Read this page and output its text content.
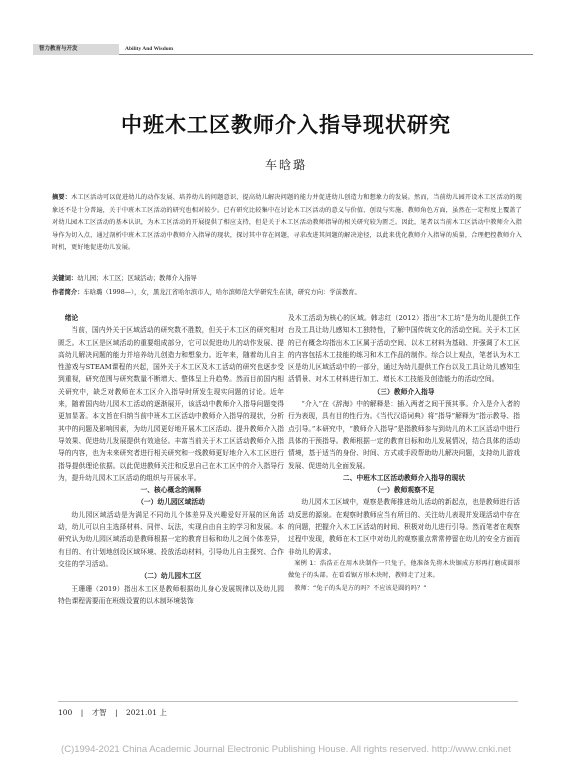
智力教育与开发	Ability And Wisdom
中班木工区教师介入指导现状研究
车晗璐

摘要：木工区活动可以促进幼儿的动作发展、培养幼儿的问题意识、提高幼儿解决问题的能力并促进幼儿创造力和想象力的发展。然而，当前幼儿园开设木工区活动的现象还不是十分普遍，关于中班木工区活动的研究也相对较少。已有研究比较集中在讨论木工区活动的意义与价值、创设与实施、教师角色方面，虽然在一定程度上覆盖了对幼儿园木工区活动的基本认识，为木工区活动的开展提供了相应支持，但是关于木工区活动教师指导的相关研究较为匮乏。因此，笔者以当前木工区活动中教师介入指导作为切入点，通过剖析中班木工区活动中教师介入指导的现状，探讨其中存在问题，寻求改进其问题的解决途径，以此来优化教师介入指导的质量，合理把控教师介入时机，更好地促进幼儿发展。

关键词：幼儿园；木工区；区域活动；教师介入指导
作者简介：车晗璐（1998—），女，黑龙江省哈尔滨市人，哈尔滨师范大学研究生在读，研究方向：学前教育。

绪论

当前，国内外关于区域活动的研究数不胜数，但关于木工区的研究相对匮乏。木工区是区域活动的重要组成部分，它可以促进幼儿的动作发展、提高幼儿解决问题的能力并培养幼儿创造力和想象力。近年来，随着幼儿自主性游戏与STEAM课程的兴起，国外关于木工区及木工活动的研究也逐步受到重视，研究范围与研究数量不断增大、整体呈上升趋势。然而目前国内相关研究中，缺乏对教师在木工区介入指导时所发生现实问题的讨论。近年来，随着国内幼儿园木工活动的逐渐展开，该活动中教师介入指导问题变得更加显著。本文旨在归纳当前中班木工区活动中教师介入指导的现状，分析其中的问题及影响因素，为幼儿园更好地开展木工区活动、提升教师介入指导效果、促进幼儿发展提供有效途径。丰富当前关于木工区活动教师介入指导的内容，也为未来研究者进行相关研究和一线教师更好地介入木工区进行指导提供理论依据。以此促进教师关注和反思自己在木工区中的介入指导行为，提升幼儿园木工区活动的组织与开展水平。

一、核心概念的阐释

（一）幼儿园区域活动

幼儿园区域活动是为满足不同幼儿个体差异及兴趣爱好开展的区角活动，幼儿可以自主选择材料、同伴、玩法，实现自由自主的学习和发展。本研究认为幼儿园区域活动是教师根据一定的教育目标和幼儿之间个体差异，有目的、有计划地创设区域环境、投放活动材料，引导幼儿自主探究、合作交往的学习活动。

（二）幼儿园木工区

王珊珊（2019）指出木工区是教师根据幼儿身心发展规律以及幼儿园特色课程需要而在班级设置的以木制环境装饰

及木工活动为核心的区域。韩志红（2012）指出“木工坊”是为幼儿提供工作台及工具让幼儿感知木工独特性，了解中国传统文化的活动空间。关于木工区的已有概念均指出木工区属于活动空间、以木工材料为基础、并强调了木工区的内容包括木工技能的练习和木工作品的制作。综合以上观点，笔者认为木工区是幼儿区域活动中的一部分，通过为幼儿提供工作台以及工具让幼儿感知生活情景、对木工材料进行加工、增长木工技能及创造能力的活动空间。

（三）教师介入指导

“介入”在《辞海》中的解释是：插入两者之间干预其事。介入是介入者的行为表现，具有目的性行为。《当代汉语词典》将“指导”解释为“指示教导、指点引导。”本研究中，“教师介入指导”是指教师参与到幼儿的木工区活动中进行具体的干预指导。教师根据一定的教育目标和幼儿发展情况，结合具体的活动情境，基于适当的身份、时间、方式或手段帮助幼儿解决问题，支持幼儿游戏发展、促进幼儿全面发展。

二、中班木工区活动教师介入指导的现状

（一）教师观察不足

幼儿园木工区域中，观察是教师推进幼儿活动的新起点，也是教师进行活动反思的源泉。在观察时教师应当有所目的、关注幼儿表现并发现活动中存在的问题，把握介入木工区活动的时间、积极对幼儿进行引导。然而笔者在观察过程中发现，教师在木工区中对幼儿的观察重点常常停留在幼儿的安全方面而非幼儿的需求。

案例 1：浩浩正在用木块制作一只兔子，他准备先将木块锯成方形再打磨成圆形做兔子的头部。在看看锯方形木块时，教师走了过来。

教师：“兔子的头是方的吗？不应该是圆的吗？”

100 | 才智 | 2021.01 上
(C)1994-2021 China Academic Journal Electronic Publishing House. All rights reserved. http://www.cnki.net
